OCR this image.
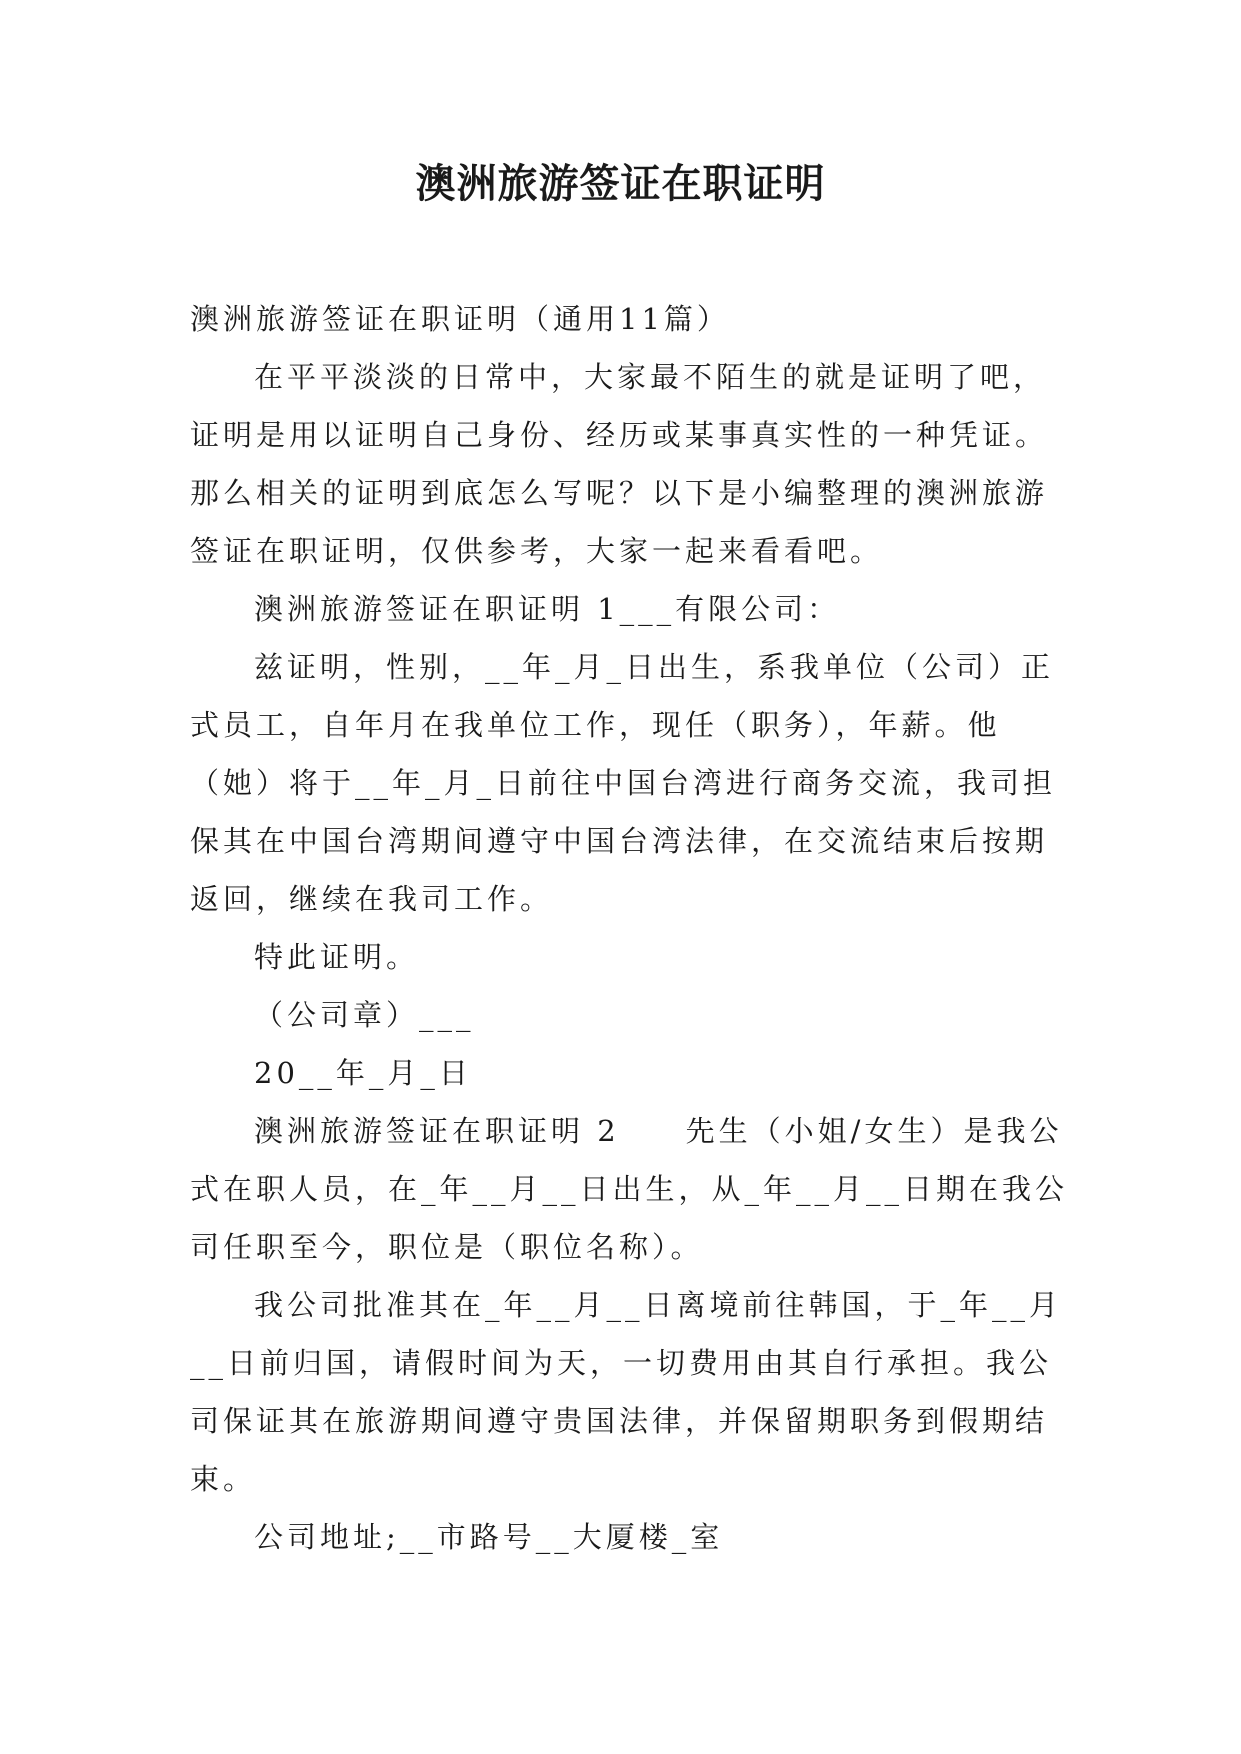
澳洲旅游签证在职证明

澳洲旅游签证在职证明（通用11篇）

在平平淡淡的日常中，大家最不陌生的就是证明了吧，证明是用以证明自己身份、经历或某事真实性的一种凭证。那么相关的证明到底怎么写呢？以下是小编整理的澳洲旅游签证在职证明，仅供参考，大家一起来看看吧。

澳洲旅游签证在职证明 1___有限公司：

兹证明，性别，__年_月_日出生，系我单位（公司）正式员工，自年月在我单位工作，现任（职务），年薪。他（她）将于__年_月_日前往中国台湾进行商务交流，我司担保其在中国台湾期间遵守中国台湾法律，在交流结束后按期返回，继续在我司工作。

特此证明。

（公司章）___

20__年_月_日

澳洲旅游签证在职证明 2　　先生（小姐/女生）是我公式在职人员，在_年__月__日出生，从_年__月__日期在我公司任职至今，职位是（职位名称）。

我公司批准其在_年__月__日离境前往韩国，于_年__月__日前归国，请假时间为天，一切费用由其自行承担。我公司保证其在旅游期间遵守贵国法律，并保留期职务到假期结束。

公司地址;__市路号__大厦楼_室
